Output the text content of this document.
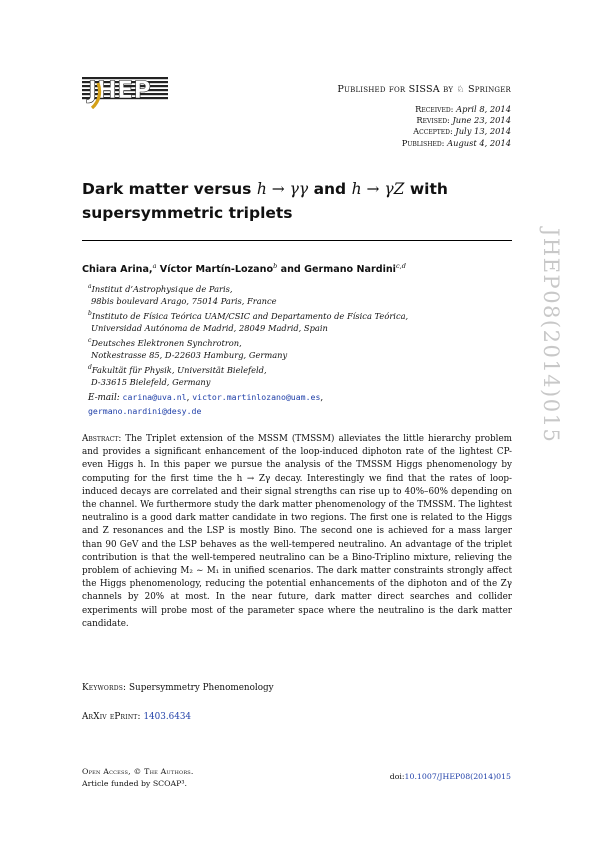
JHEP	Published for SISSA by ♘ Springer
Received: April 8, 2014
Revised: June 23, 2014
Accepted: July 13, 2014
Published: August 4, 2014
Dark matter versus h → γγ and h → γZ with
supersymmetric triplets
Chiara Arina,$^a$ Víctor Martín-Lozano$^b$ and Germano Nardini$^{c,d}$
$^a$Institut d’Astrophysique de Paris,
98bis boulevard Arago, 75014 Paris, France
$^b$Instituto de Física Teórica UAM/CSIC and Departamento de Física Teórica,
Universidad Autónoma de Madrid, 28049 Madrid, Spain
$^c$Deutsches Elektronen Synchrotron,
Notkestrasse 85, D-22603 Hamburg, Germany
$^d$Fakultät für Physik, Universität Bielefeld,
D-33615 Bielefeld, Germany
E-mail: carina@uva.nl, victor.martinlozano@uam.es,
germano.nardini@desy.de
Abstract: The Triplet extension of the MSSM (TMSSM) alleviates the little hierarchy problem and provides a significant enhancement of the loop-induced diphoton rate of the lightest CP-even Higgs h. In this paper we pursue the analysis of the TMSSM Higgs phenomenology by computing for the first time the h → Zγ decay. Interestingly we find that the rates of loop-induced decays are correlated and their signal strengths can rise up to 40%–60% depending on the channel. We furthermore study the dark matter phenomenology of the TMSSM. The lightest neutralino is a good dark matter candidate in two regions. The first one is related to the Higgs and Z resonances and the LSP is mostly Bino. The second one is achieved for a mass larger than 90 GeV and the LSP behaves as the well-tempered neutralino. An advantage of the triplet contribution is that the well-tempered neutralino can be a Bino-Triplino mixture, relieving the problem of achieving M₂ ∼ M₁ in unified scenarios. The dark matter constraints strongly affect the Higgs phenomenology, reducing the potential enhancements of the diphoton and of the Zγ channels by 20% at most. In the near future, dark matter direct searches and collider experiments will probe most of the parameter space where the neutralino is the dark matter candidate.
Keywords: Supersymmetry Phenomenology
ArXiv ePrint: 1403.6434
Open Access, © The Authors.
Article funded by SCOAP³.
doi:10.1007/JHEP08(2014)015
JHEP08(2014)015
